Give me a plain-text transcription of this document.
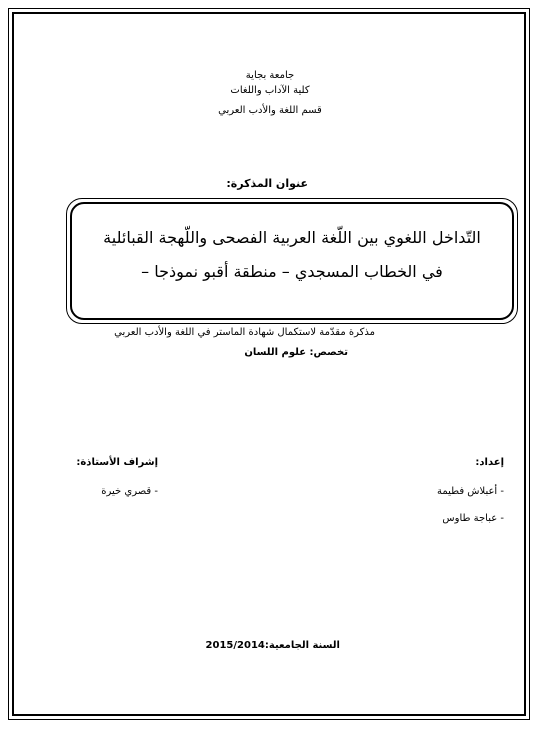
جامعة بجاية
كلية الآداب واللغات
قسم اللغة والأدب العربي
عنوان المذكرة:
التّداخل اللغوي بين اللّغة العربية الفصحى واللّهجة القبائلية
في الخطاب المسجدي – منطقة أقبو نموذجا –
مذكرة مقدّمة لاستكمال شهادة الماستر في اللغة والأدب العربي
تخصص: علوم اللسان
إعداد:
- أعبلاش فطيمة
- عباجة طاوس
إشراف الأستاذة:
- قصري خيرة
السنة الجامعية:2015/2014
